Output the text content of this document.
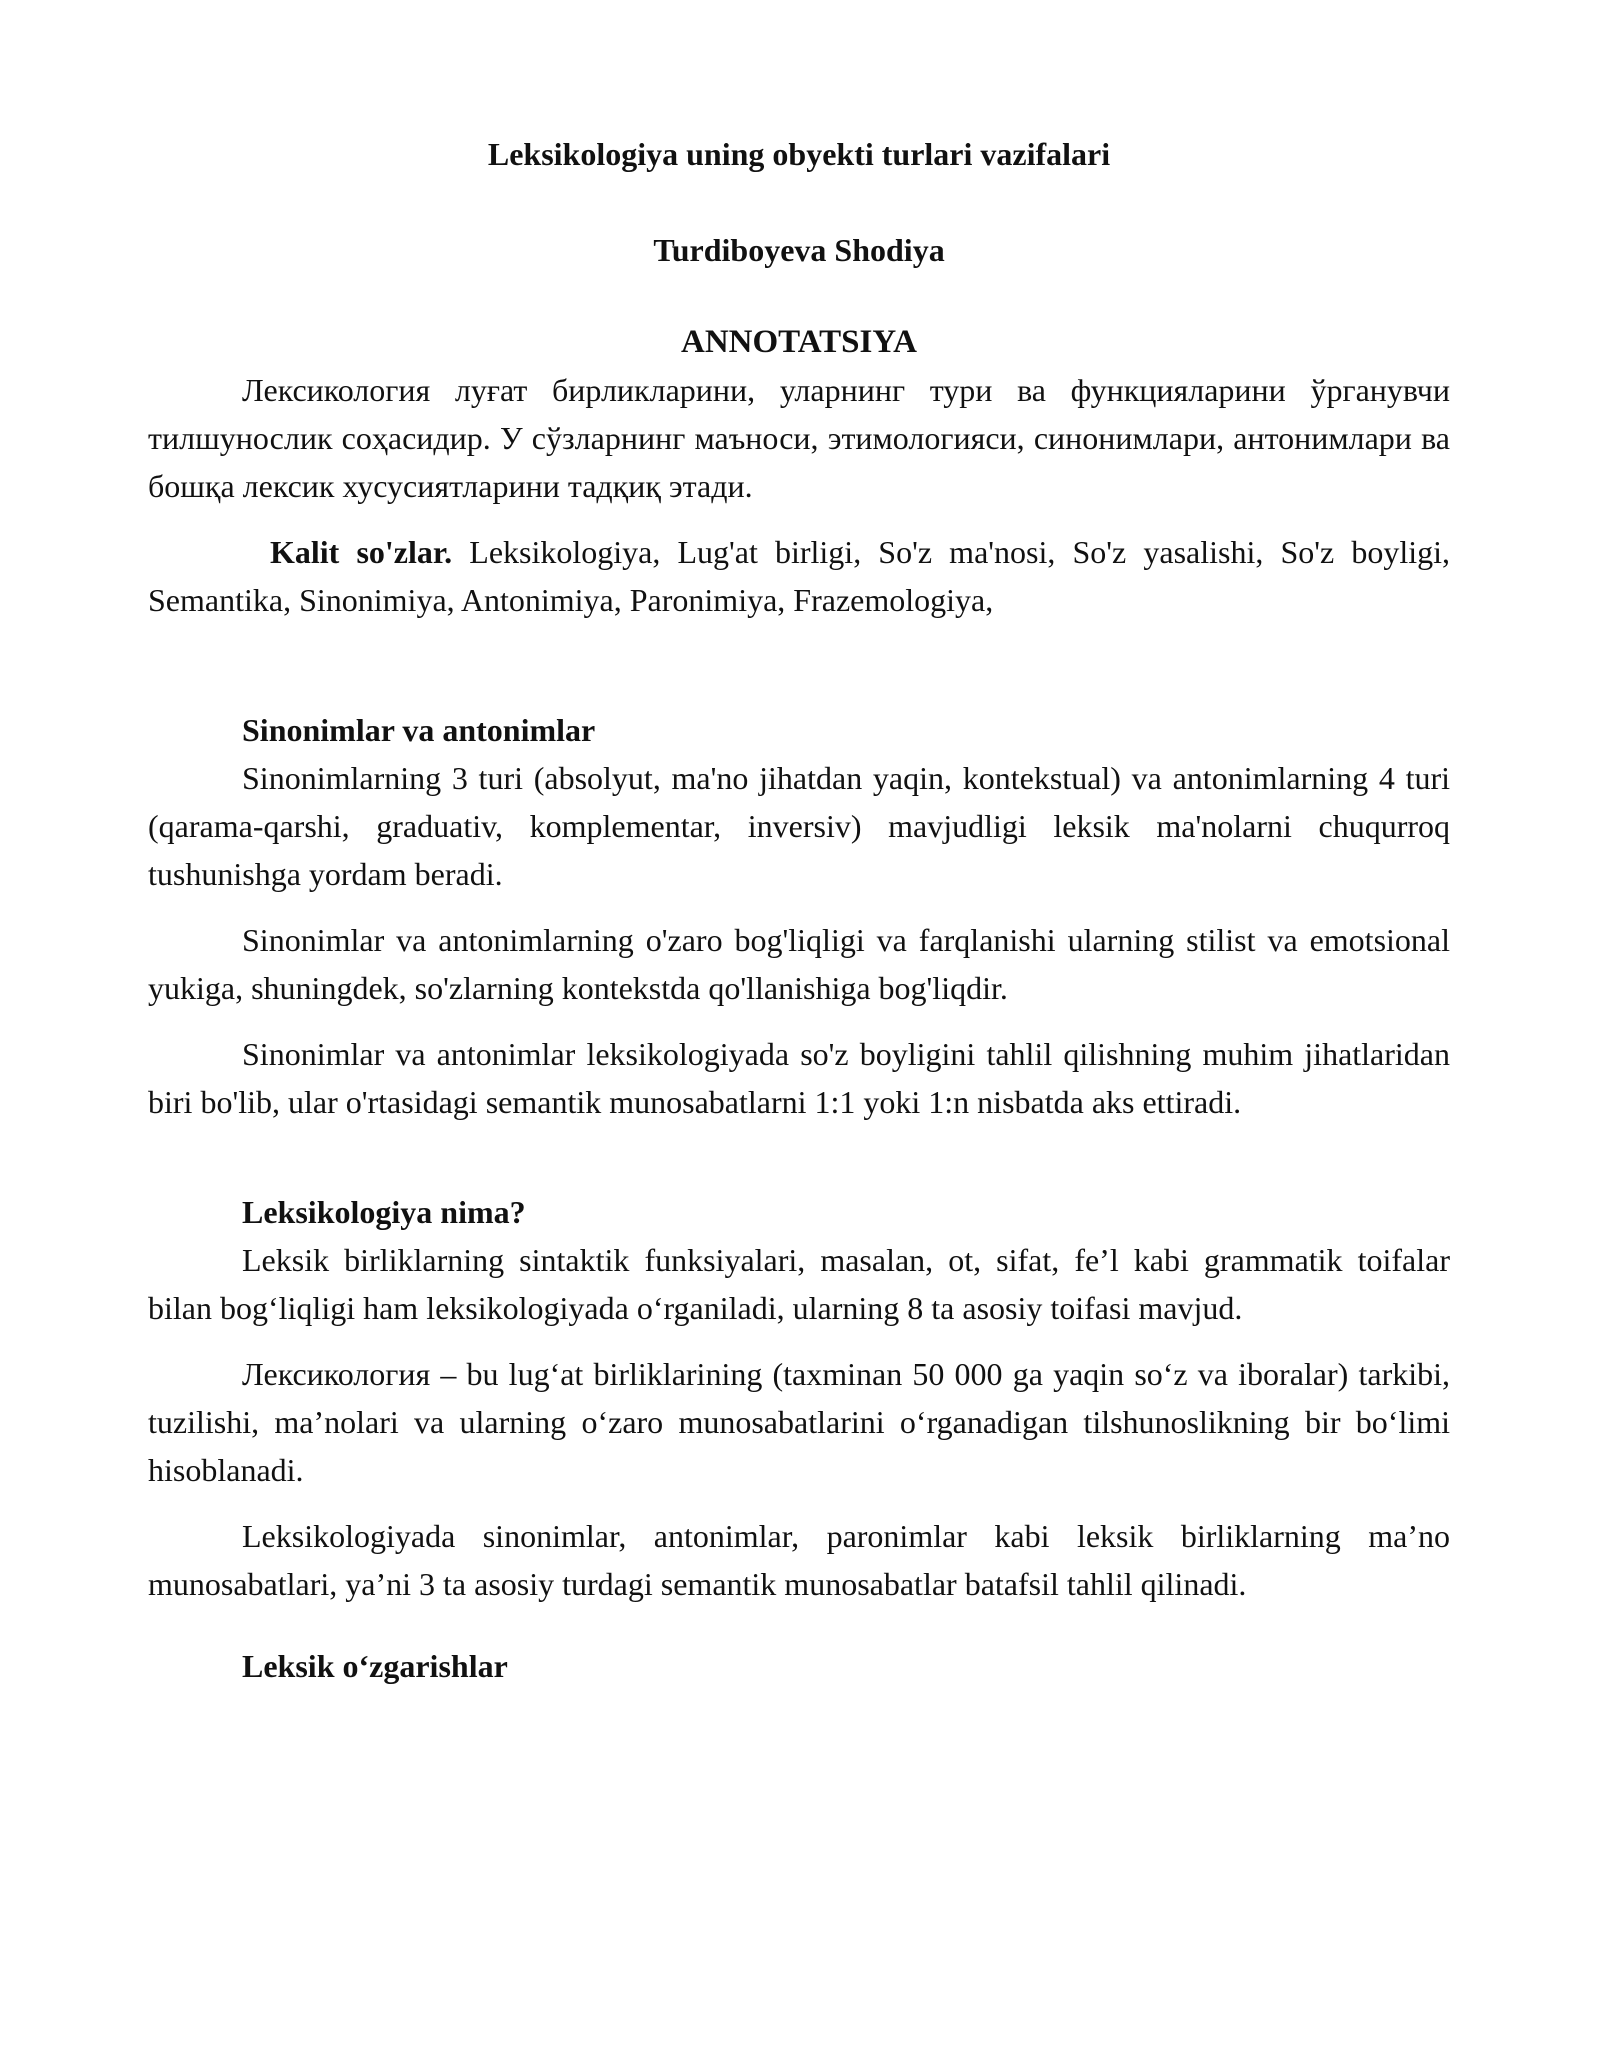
Leksikologiya uning obyekti turlari vazifalari
Turdiboyeva Shodiya
ANNOTATSIYA

Лексикология луғат бирликларини, уларнинг тури ва функцияларини ўрганувчи тилшунослик соҳасидир. У сўзларнинг маъноси, этимологияси, синонимлари, антонимлари ва бошқа лексик хусусиятларини тадқиқ этади.

Kalit so'zlar. Leksikologiya, Lug'at birligi, So'z ma'nosi, So'z yasalishi, So'z boyligi, Semantika, Sinonimiya, Antonimiya, Paronimiya, Frazemologiya,

Sinonimlar va antonimlar

Sinonimlarning 3 turi (absolyut, ma'no jihatdan yaqin, kontekstual) va antonimlarning 4 turi (qarama-qarshi, graduativ, komplementar, inversiv) mavjudligi leksik ma'nolarni chuqurroq tushunishga yordam beradi.

Sinonimlar va antonimlarning o'zaro bog'liqligi va farqlanishi ularning stilist va emotsional yukiga, shuningdek, so'zlarning kontekstda qo'llanishiga bog'liqdir.

Sinonimlar va antonimlar leksikologiyada so'z boyligini tahlil qilishning muhim jihatlaridan biri bo'lib, ular o'rtasidagi semantik munosabatlarni 1:1 yoki 1:n nisbatda aks ettiradi.

Leksikologiya nima?

Leksik birliklarning sintaktik funksiyalari, masalan, ot, sifat, fe’l kabi grammatik toifalar bilan bog‘liqligi ham leksikologiyada o‘rganiladi, ularning 8 ta asosiy toifasi mavjud.

Лексикология – bu lug‘at birliklarining (taxminan 50 000 ga yaqin so‘z va iboralar) tarkibi, tuzilishi, ma’nolari va ularning o‘zaro munosabatlarini o‘rganadigan tilshunoslikning bir bo‘limi hisoblanadi.

Leksikologiyada sinonimlar, antonimlar, paronimlar kabi leksik birliklarning ma’no munosabatlari, ya’ni 3 ta asosiy turdagi semantik munosabatlar batafsil tahlil qilinadi.

Leksik o‘zgarishlar
